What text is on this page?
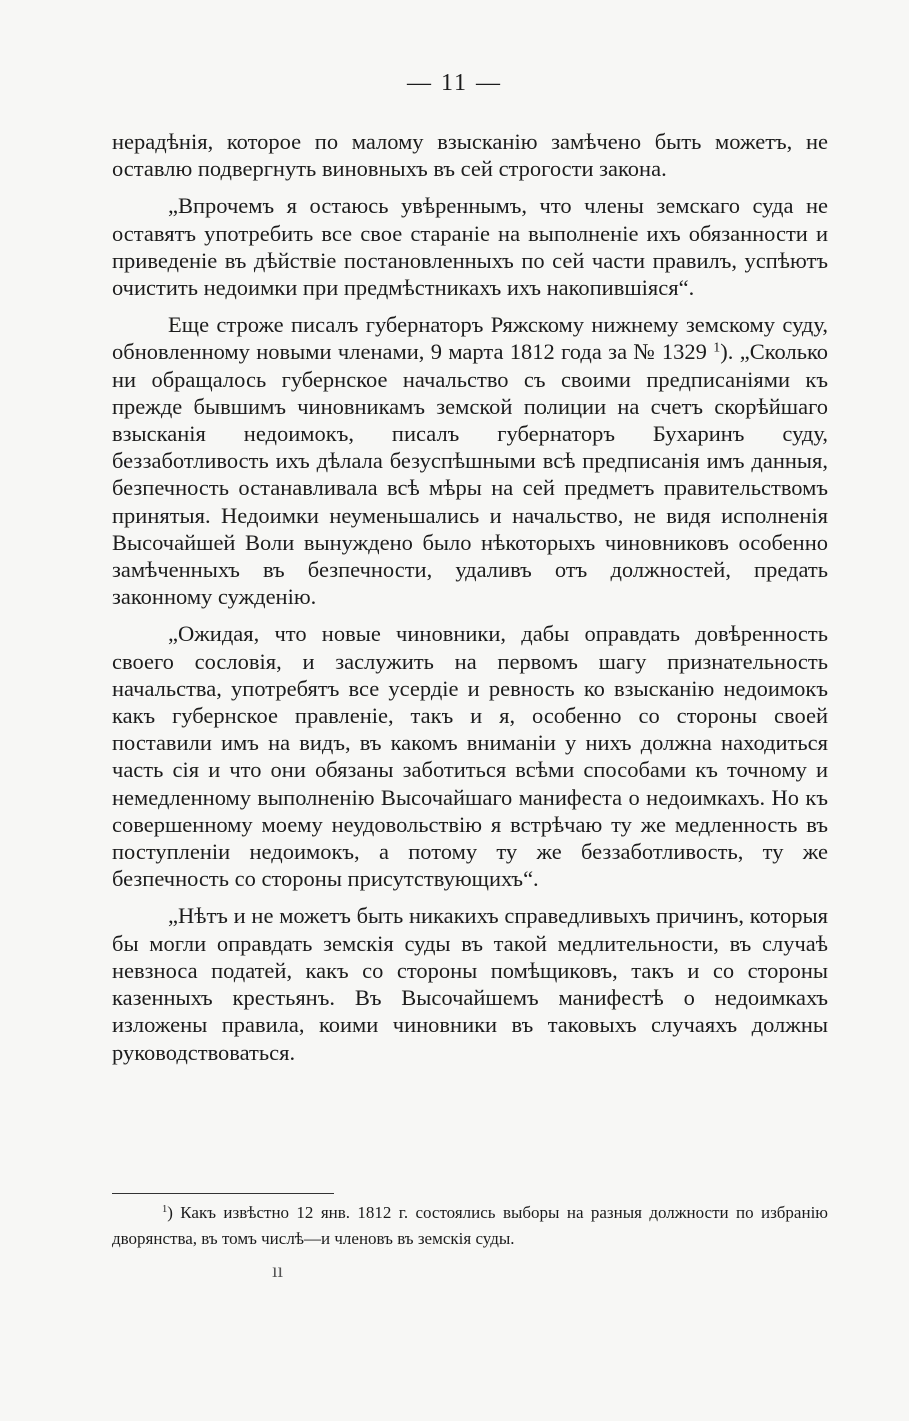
— 11 —

нерадѣнія, которое по малому взысканію замѣчено быть можетъ, не оставлю подвергнуть виновныхъ въ сей строгости закона.

„Впрочемъ я остаюсь увѣреннымъ, что члены земскаго суда не оставятъ употребить все свое стараніе на выполненіе ихъ обязанности и приведеніе въ дѣйствіе постановленныхъ по сей части правилъ, успѣютъ очистить недоимки при предмѣстникахъ ихъ накопившіяся“.

Еще строже писалъ губернаторъ Ряжскому нижнему земскому суду, обновленному новыми членами, 9 марта 1812 года за № 1329 $^1$). „Сколько ни обращалось губернское начальство съ своими предписаніями къ прежде бывшимъ чиновникамъ земской полиции на счетъ скорѣйшаго взысканія недоимокъ, писалъ губернаторъ Бухаринъ суду, беззаботливость ихъ дѣлала безуспѣшными всѣ предписанія имъ данныя, безпечность останавливала всѣ мѣры на сей предметъ правительствомъ принятыя. Недоимки неуменьшались и начальство, не видя исполненія Высочайшей Воли вынуждено было нѣкоторыхъ чиновниковъ особенно замѣченныхъ въ безпечности, удаливъ отъ должностей, предать законному сужденію.

„Ожидая, что новые чиновники, дабы оправдать довѣренность своего сословія, и заслужить на первомъ шагу признательность начальства, употребятъ все усердіе и ревность ко взысканію недоимокъ какъ губернское правленіе, такъ и я, особенно со стороны своей поставили имъ на видъ, въ какомъ вниманіи у нихъ должна находиться часть сія и что они обязаны заботиться всѣми способами къ точному и немедленному выполненію Высочайшаго манифеста о недоимкахъ. Но къ совершенному моему неудовольствію я встрѣчаю ту же медленность въ поступленіи недоимокъ, а потому ту же беззаботливость, ту же безпечность со стороны присутствующихъ“.

„Нѣтъ и не можетъ быть никакихъ справедливыхъ причинъ, которыя бы могли оправдать земскія суды въ такой медлительности, въ случаѣ невзноса податей, какъ со стороны помѣщиковъ, такъ и со стороны казенныхъ крестьянъ. Въ Высочайшемъ манифестѣ о недоимкахъ изложены правила, коими чиновники въ таковыхъ случаяхъ должны руководствоваться.

$^1$) Какъ извѣстно 12 янв. 1812 г. состоялись выборы на разныя должности по избранію дворянства, въ томъ числѣ—и членовъ въ земскія суды.
ıı
